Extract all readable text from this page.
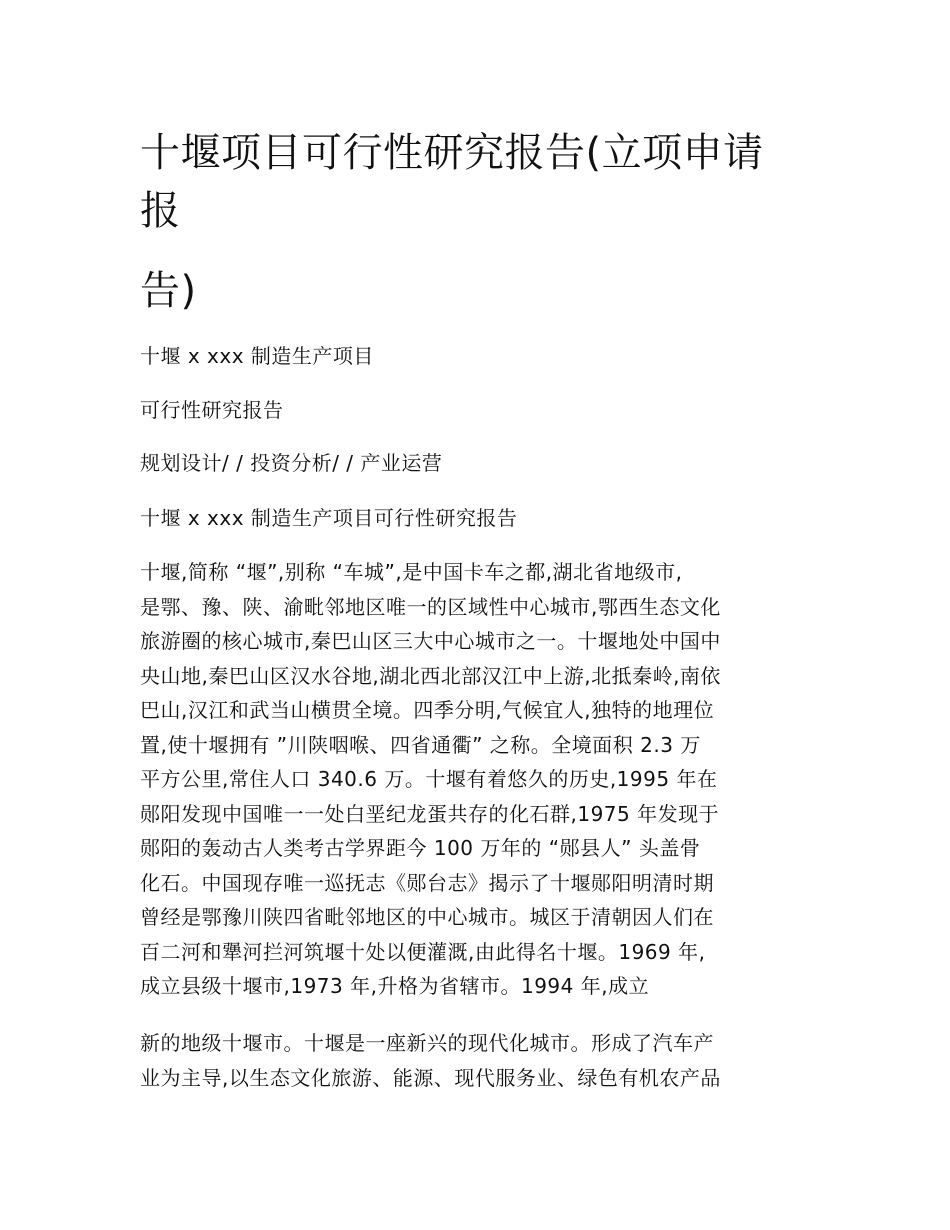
十堰项目可行性研究报告(立项申请
报
告)

十堰 x xxx 制造生产项目

可行性研究报告

规划设计/ / 投资分析/ / 产业运营

十堰 x xxx 制造生产项目可行性研究报告

十堰,简称 “堰”,别称 “车城”,是中国卡车之都,湖北省地级市,
是鄂、豫、陕、渝毗邻地区唯一的区域性中心城市,鄂西生态文化
旅游圈的核心城市,秦巴山区三大中心城市之一。十堰地处中国中
央山地,秦巴山区汉水谷地,湖北西北部汉江中上游,北抵秦岭,南依
巴山,汉江和武当山横贯全境。四季分明,气候宜人,独特的地理位
置,使十堰拥有 ”川陕咽喉、四省通衢” 之称。全境面积 2.3 万
平方公里,常住人口 340.6 万。十堰有着悠久的历史,1995 年在
郧阳发现中国唯一一处白垩纪龙蛋共存的化石群,1975 年发现于
郧阳的轰动古人类考古学界距今 100 万年的 “郧县人” 头盖骨
化石。中国现存唯一巡抚志《郧台志》揭示了十堰郧阳明清时期
曾经是鄂豫川陕四省毗邻地区的中心城市。城区于清朝因人们在
百二河和犟河拦河筑堰十处以便灌溉,由此得名十堰。1969 年,
成立县级十堰市,1973 年,升格为省辖市。1994 年,成立
新的地级十堰市。十堰是一座新兴的现代化城市。形成了汽车产
业为主导,以生态文化旅游、能源、现代服务业、绿色有机农产品
